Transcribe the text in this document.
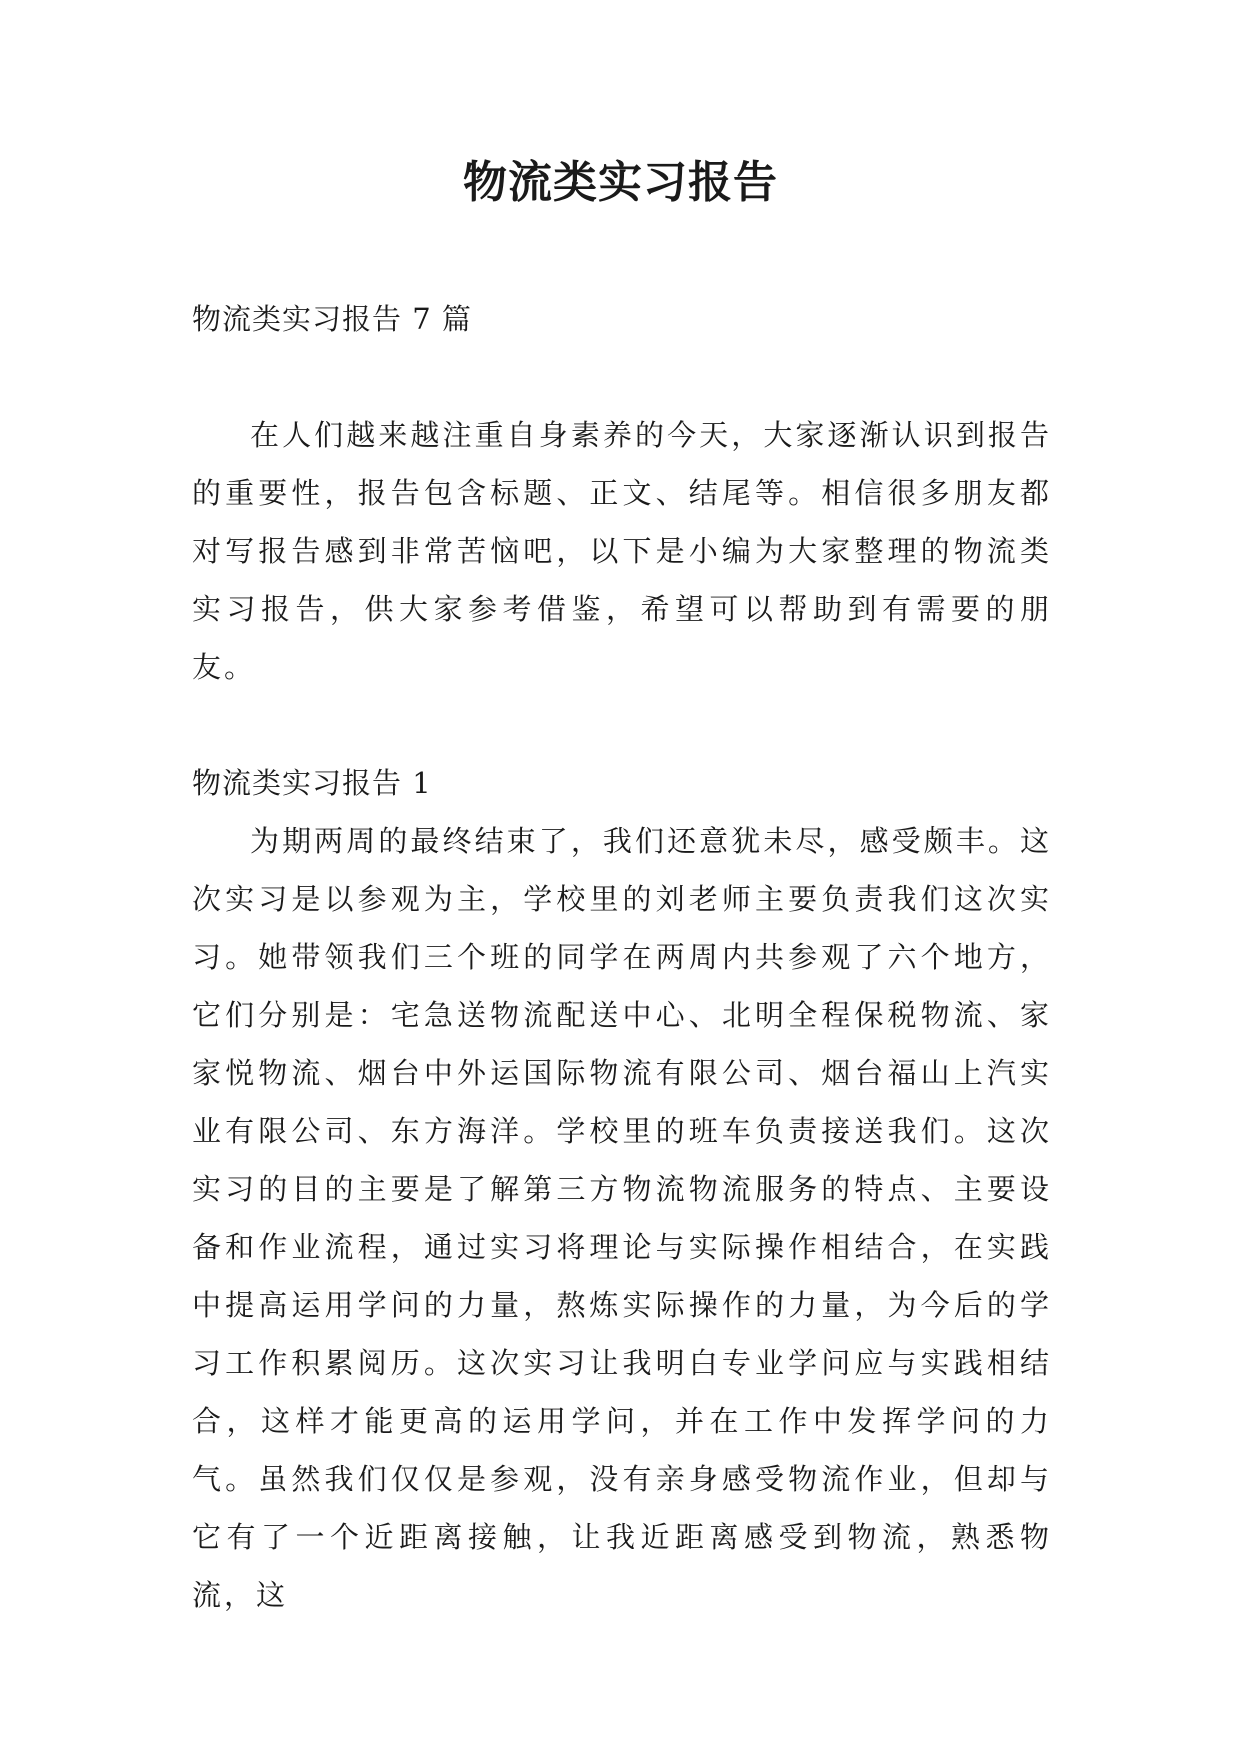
物流类实习报告

物流类实习报告 7 篇

在人们越来越注重自身素养的今天，大家逐渐认识到报告的重要性，报告包含标题、正文、结尾等。相信很多朋友都对写报告感到非常苦恼吧，以下是小编为大家整理的物流类实习报告，供大家参考借鉴，希望可以帮助到有需要的朋友。

物流类实习报告 1

为期两周的最终结束了，我们还意犹未尽，感受颇丰。这次实习是以参观为主，学校里的刘老师主要负责我们这次实习。她带领我们三个班的同学在两周内共参观了六个地方，它们分别是：宅急送物流配送中心、北明全程保税物流、家家悦物流、烟台中外运国际物流有限公司、烟台福山上汽实业有限公司、东方海洋。学校里的班车负责接送我们。这次实习的目的主要是了解第三方物流物流服务的特点、主要设备和作业流程，通过实习将理论与实际操作相结合，在实践中提高运用学问的力量，熬炼实际操作的力量，为今后的学习工作积累阅历。这次实习让我明白专业学问应与实践相结合，这样才能更高的运用学问，并在工作中发挥学问的力气。虽然我们仅仅是参观，没有亲身感受物流作业，但却与它有了一个近距离接触，让我近距离感受到物流，熟悉物流，这
